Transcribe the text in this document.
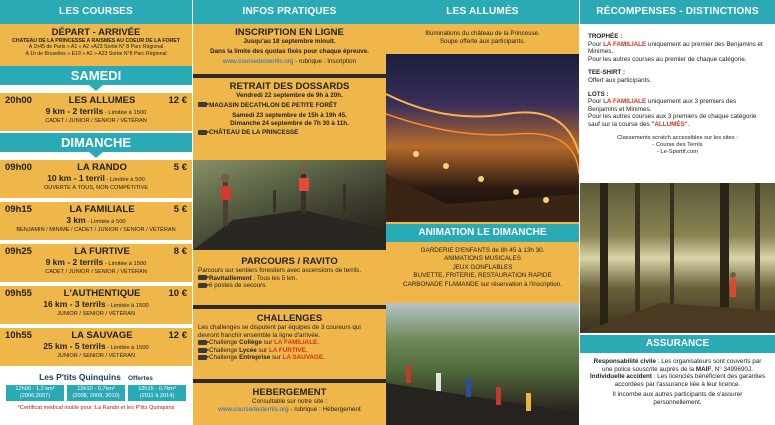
LES COURSES
DÉPART - ARRIVÉE
CHATEAU DE LA PRINCESSE A RAISMES AU COEUR DE LA FORET
A 1h45 de Paris » A1 » A2 »A23 Sortie N° 8 Parc Régional
A 1h de Bruxelles » E19 » A2 » A23 Sortie N°8 Parc Régional
SAMEDI
20h00	LES ALLUMES	12 €
9 km - 2 terrils - Limitée à 1500
CADET / JUNIOR / SENIOR / VÉTÉRAN
DIMANCHE
09h00	LA RANDO	5 €
10 km - 1 terril - Limitée à 500
OUVERTE À TOUS, NON COMPÉTITIVE
09h15	LA FAMILIALE	5 €
3 km - Limitée à 500
BENJAMIN / MINIME / CADET / JUNIOR / SENIOR / VÉTÉRAN
09h25	LA FURTIVE	8 €
9 km - 2 terrils - Limitée à 1500
CADET / JUNIOR / SENIOR / VÉTÉRAN
09h55	L'AUTHENTIQUE	10 €
16 km - 3 terrils - Limitée à 1500
JUNIOR / SENIOR / VÉTÉRAN
10h55	LA SAUVAGE	12 €
25 km - 5 terrils - Limitée à 1500
JUNIOR / SENIOR / VÉTÉRAN
Les P'tits Quinquins Offertes
12h00 - 1,2 km²
(2006,2007)
12h10 - 0,7km²
(2008, 2009, 2010)
12h15 - 0,7km²
(2011 à 2014)
*Certificat médical inutile pour :La Rando et les P'tits Quinquins
INFOS PRATIQUES
INSCRIPTION EN LIGNE
Jusqu'au 18 septembre minuit.
Dans la limite des quotas fixés pour chaque épreuve.
www.coursedesterrils.org - rubrique : Inscription
RETRAIT DES DOSSARDS
Vendredi 22 septembre de 9h à 20h.
MAGASIN DECATHLON DE PETITE FORÊT
Samedi 23 septembre de 15h à 19h 45.
Dimanche 24 septembre de 7h 30 à 11h.
CHÂTEAU DE LA PRINCESSE
PARCOURS / RAVITO
Parcours sur sentiers forestiers avec ascensions de terrils.
Ravitaillement : Tous les 5 km.
6 postes de secours.
CHALLENGES
Les challenges se disputent par équipes de 3 coureurs qui devront franchir ensemble la ligne d'arrivée.
Challenge Collège sur LA FAMILIALE.
Challenge Lycée sur LA FURTIVE.
Challenge Entreprise sur LA SAUVAGE.
HEBERGEMENT
Consultable sur notre site :
www.coursedesterrils.org - rubrique : Hébergement
LES ALLUMÉS
Illuminations du château de la Princesse.
Soupe offerte aux participants.
ANIMATION LE DIMANCHE
GARDERIE D'ENFANTS de 8h 45 à 13h 30.
ANIMATIONS MUSICALES
JEUX GONFLABLES
BUVETTE, FRITERIE, RESTAURATION RAPIDE
CARBONADE FLAMANDE sur réservation à l'inscription.
RÉCOMPENSES - DISTINCTIONS

TROPHÉE :
Pour LA FAMILIALE uniquement au premier des Benjamins et Minimes.
Pour les autres courses au premier de chaque catégorie.

TEE-SHIRT :
Offert aux participants.

LOTS :
Pour LA FAMILIALE uniquement aux 3 premiers des Benjamins et Minimes.
Pour les autres courses aux 3 premiers de chaque catégorie sauf sur la course des "ALLUMÉS".

Classements scratch accessibles sur les sites :
- Course des Terrils
- Le-Sportif.com

ASSURANCE
Responsabilité civile : Les organisateurs sont couverts par une police souscrite auprès de la MAIF, N° 3499690J.
Individuelle accident : Les licenciés bénéficient des garanties accordées par l'assurance liée à leur licence.
Il incombe aux autres participants de s'assurer personnellement.
